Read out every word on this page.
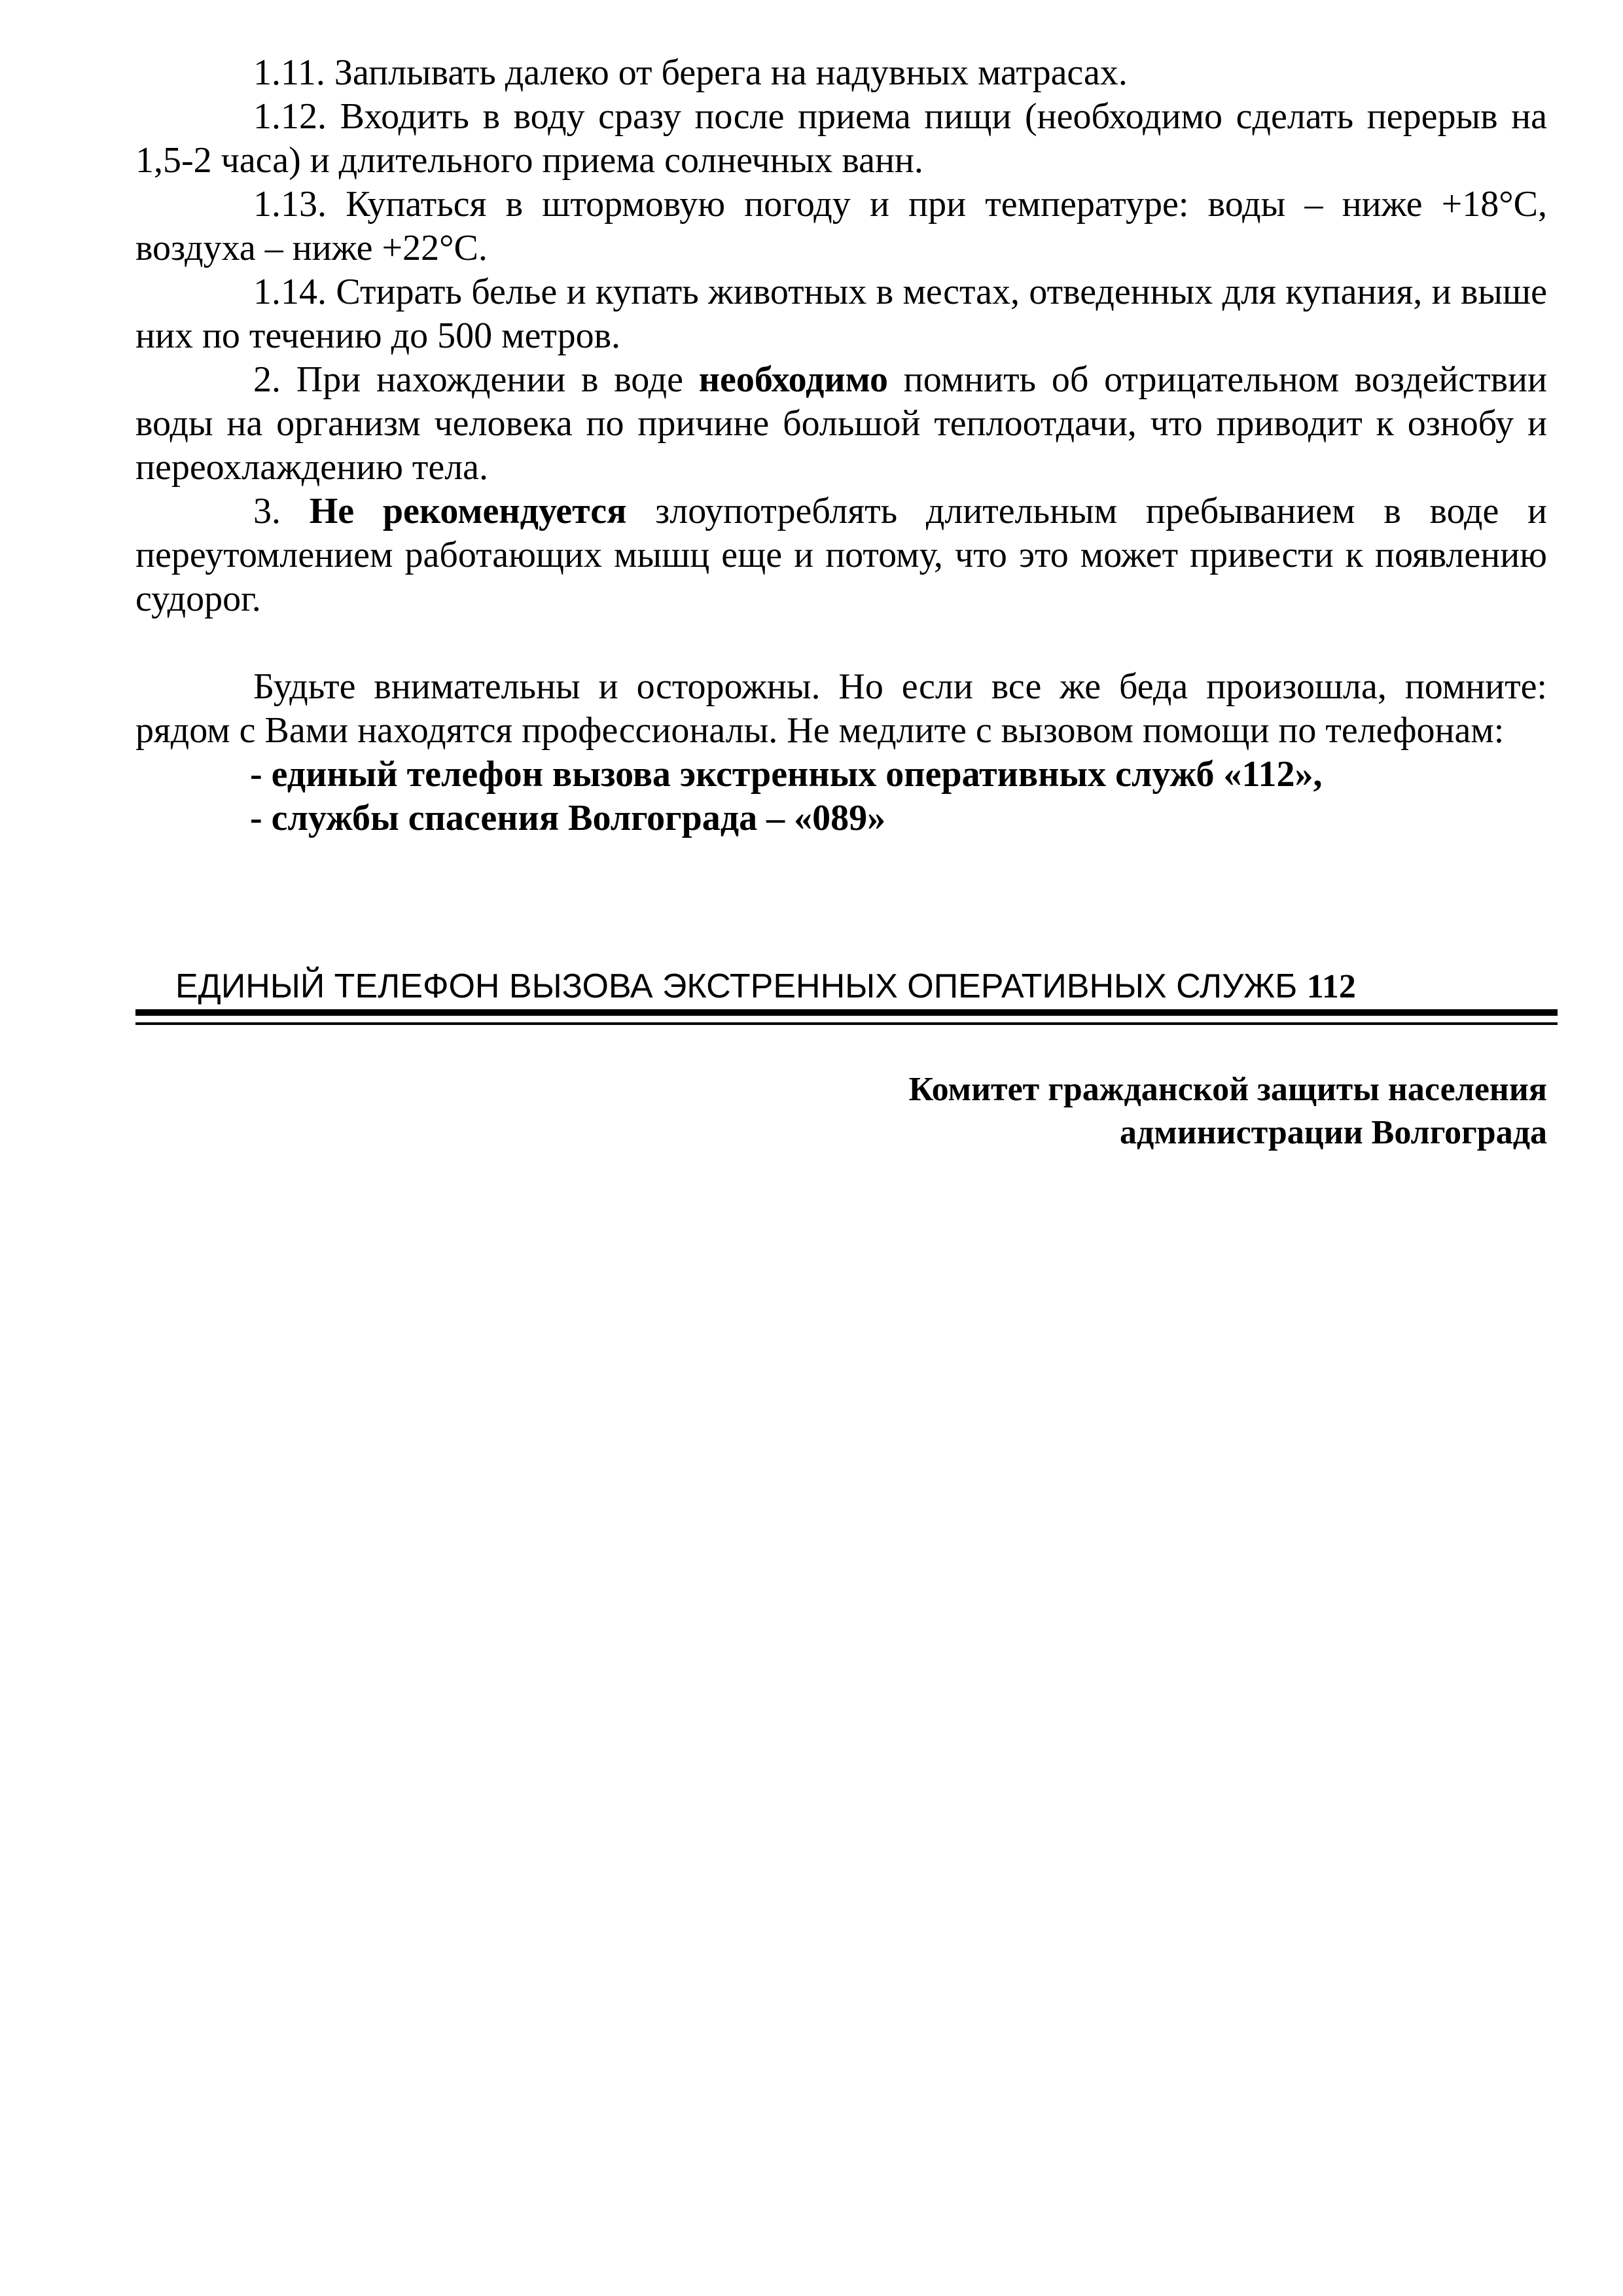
1.11. Заплывать далеко от берега на надувных матрасах.

1.12. Входить в воду сразу после приема пищи (необходимо сделать перерыв на 1,5-2 часа) и длительного приема солнечных ванн.

1.13. Купаться в штормовую погоду и при температуре: воды – ниже +18°С, воздуха – ниже +22°С.

1.14. Стирать белье и купать животных в местах, отведенных для купания, и выше них по течению до 500 метров.

2. При нахождении в воде необходимо помнить об отрицательном воздействии воды на организм человека по причине большой теплоотдачи, что приводит к ознобу и переохлаждению тела.

3. Не рекомендуется злоупотреблять длительным пребыванием в воде и переутомлением работающих мышц еще и потому, что это может привести к появлению судорог.

Будьте внимательны и осторожны. Но если все же беда произошла, помните: рядом с Вами находятся профессионалы. Не медлите с вызовом помощи по телефонам:

- единый телефон вызова экстренных оперативных служб «112»,
- службы спасения Волгограда – «089»
ЕДИНЫЙ ТЕЛЕФОН ВЫЗОВА ЭКСТРЕННЫХ ОПЕРАТИВНЫХ СЛУЖБ 112
Комитет гражданской защиты населения
администрации Волгограда
